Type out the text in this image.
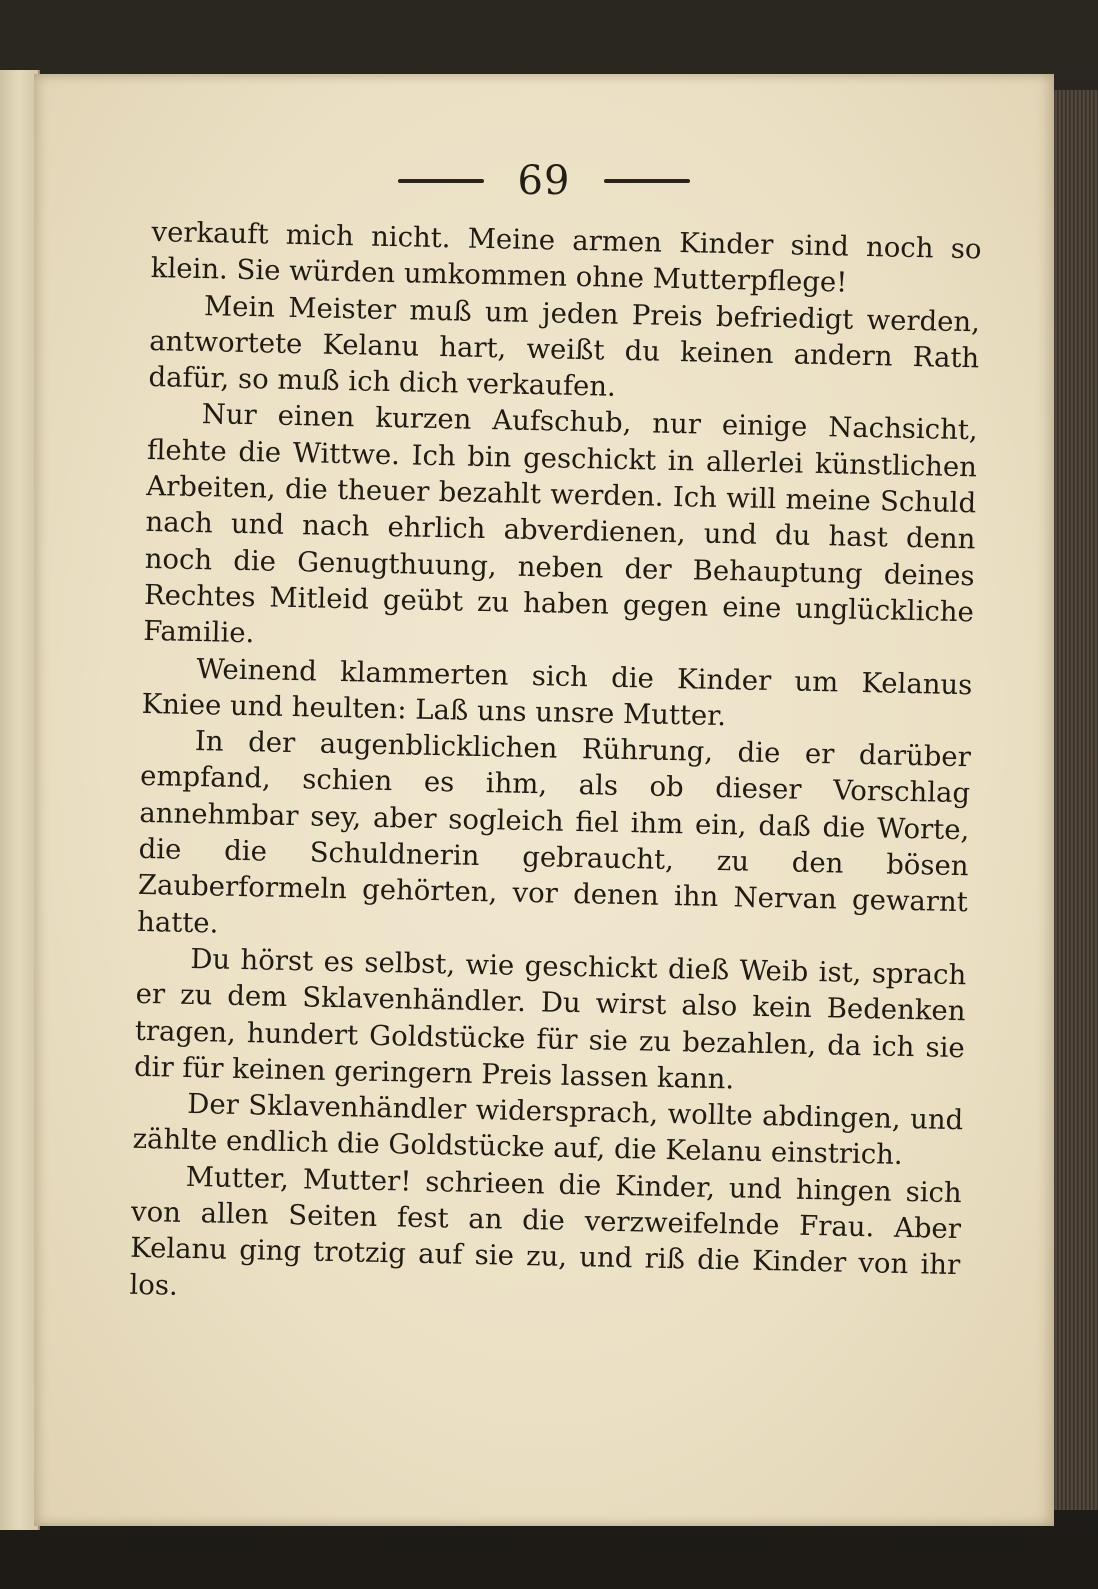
69

verkauft mich nicht. Meine armen Kinder sind noch so klein. Sie würden umkommen ohne Mutterpflege!

Mein Meister muß um jeden Preis befriedigt werden, antwortete Kelanu hart, weißt du keinen andern Rath dafür, so muß ich dich verkaufen.

Nur einen kurzen Aufschub, nur einige Nachsicht, flehte die Wittwe. Ich bin geschickt in allerlei künstlichen Arbeiten, die theuer bezahlt werden. Ich will meine Schuld nach und nach ehrlich abverdienen, und du hast denn noch die Genugthuung, neben der Behauptung deines Rechtes Mitleid geübt zu haben gegen eine unglückliche Familie.

Weinend klammerten sich die Kinder um Kelanus Kniee und heulten: Laß uns unsre Mutter.

In der augenblicklichen Rührung, die er darüber empfand, schien es ihm, als ob dieser Vorschlag annehmbar sey, aber sogleich fiel ihm ein, daß die Worte, die die Schuldnerin gebraucht, zu den bösen Zauberformeln gehörten, vor denen ihn Nervan gewarnt hatte.

Du hörst es selbst, wie geschickt dieß Weib ist, sprach er zu dem Sklavenhändler. Du wirst also kein Bedenken tragen, hundert Goldstücke für sie zu bezahlen, da ich sie dir für keinen geringern Preis lassen kann.

Der Sklavenhändler widersprach, wollte abdingen, und zählte endlich die Goldstücke auf, die Kelanu einstrich.

Mutter, Mutter! schrieen die Kinder, und hingen sich von allen Seiten fest an die verzweifelnde Frau. Aber Kelanu ging trotzig auf sie zu, und riß die Kinder von ihr los.
